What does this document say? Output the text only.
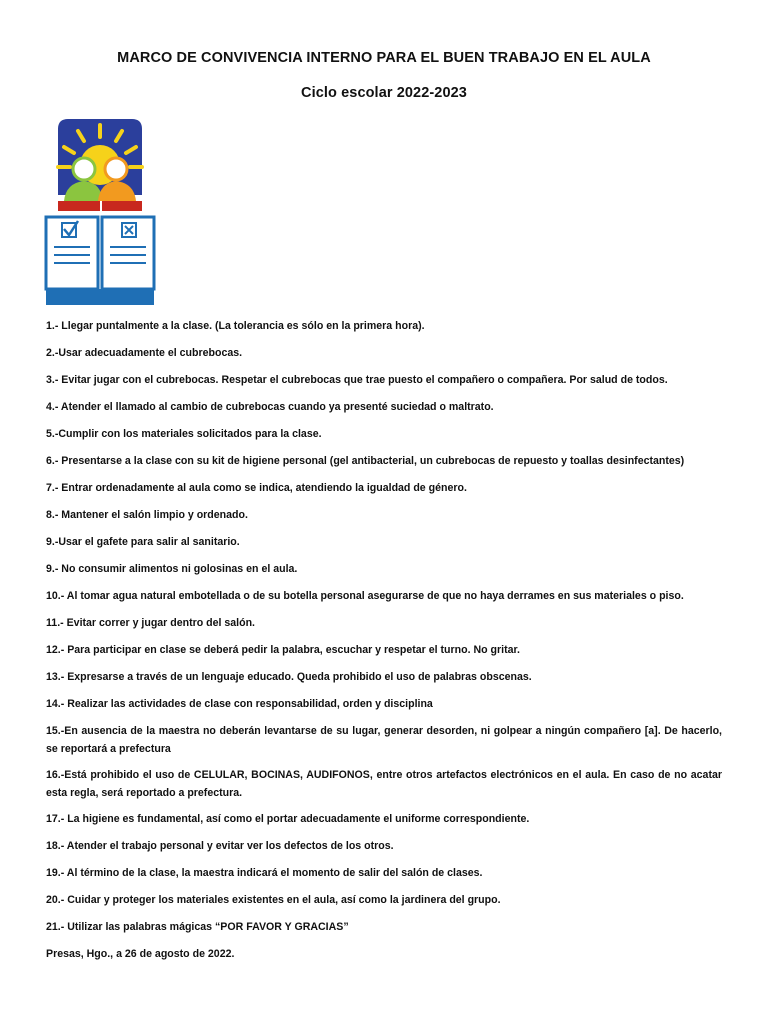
MARCO DE CONVIVENCIA INTERNO PARA EL BUEN TRABAJO EN EL AULA
Ciclo escolar 2022-2023

1.- Llegar puntalmente a la clase. (La tolerancia es sólo en la primera hora).

2.-Usar adecuadamente el cubrebocas.

3.- Evitar jugar con el cubrebocas. Respetar el cubrebocas que trae puesto el compañero o compañera. Por salud de todos.

4.- Atender el llamado al cambio de cubrebocas cuando ya presenté suciedad o maltrato.

5.-Cumplir con los materiales solicitados para la clase.

6.- Presentarse a la clase con su kit de higiene personal (gel antibacterial, un cubrebocas de repuesto y toallas desinfectantes)

7.- Entrar ordenadamente al aula como se indica, atendiendo la igualdad de género.

8.- Mantener el salón limpio y ordenado.

9.-Usar el gafete para salir al sanitario.

9.- No consumir alimentos ni golosinas en el aula.

10.- Al tomar agua natural embotellada o de su botella personal asegurarse de que no haya derrames en sus materiales o piso.

11.- Evitar correr y jugar dentro del salón.

12.- Para participar en clase se deberá pedir la palabra, escuchar y respetar el turno. No gritar.

13.- Expresarse a través de un lenguaje educado. Queda prohibido el uso de palabras obscenas.

14.- Realizar las actividades de clase con responsabilidad, orden y disciplina

15.-En ausencia de la maestra no deberán levantarse de su lugar, generar desorden, ni golpear a ningún compañero [a]. De hacerlo, se reportará a prefectura

16.-Está prohibido el uso de CELULAR, BOCINAS, AUDIFONOS, entre otros artefactos electrónicos en el aula. En caso de no acatar esta regla, será reportado a prefectura.

17.- La higiene es fundamental, así como el portar adecuadamente el uniforme correspondiente.

18.- Atender el trabajo personal y evitar ver los defectos de los otros.

19.- Al término de la clase, la maestra indicará el momento de salir del salón de clases.

20.- Cuidar y proteger los materiales existentes en el aula, así como la jardinera del grupo.

21.- Utilizar las palabras mágicas “POR FAVOR Y GRACIAS”

Presas, Hgo., a 26 de agosto de 2022.
